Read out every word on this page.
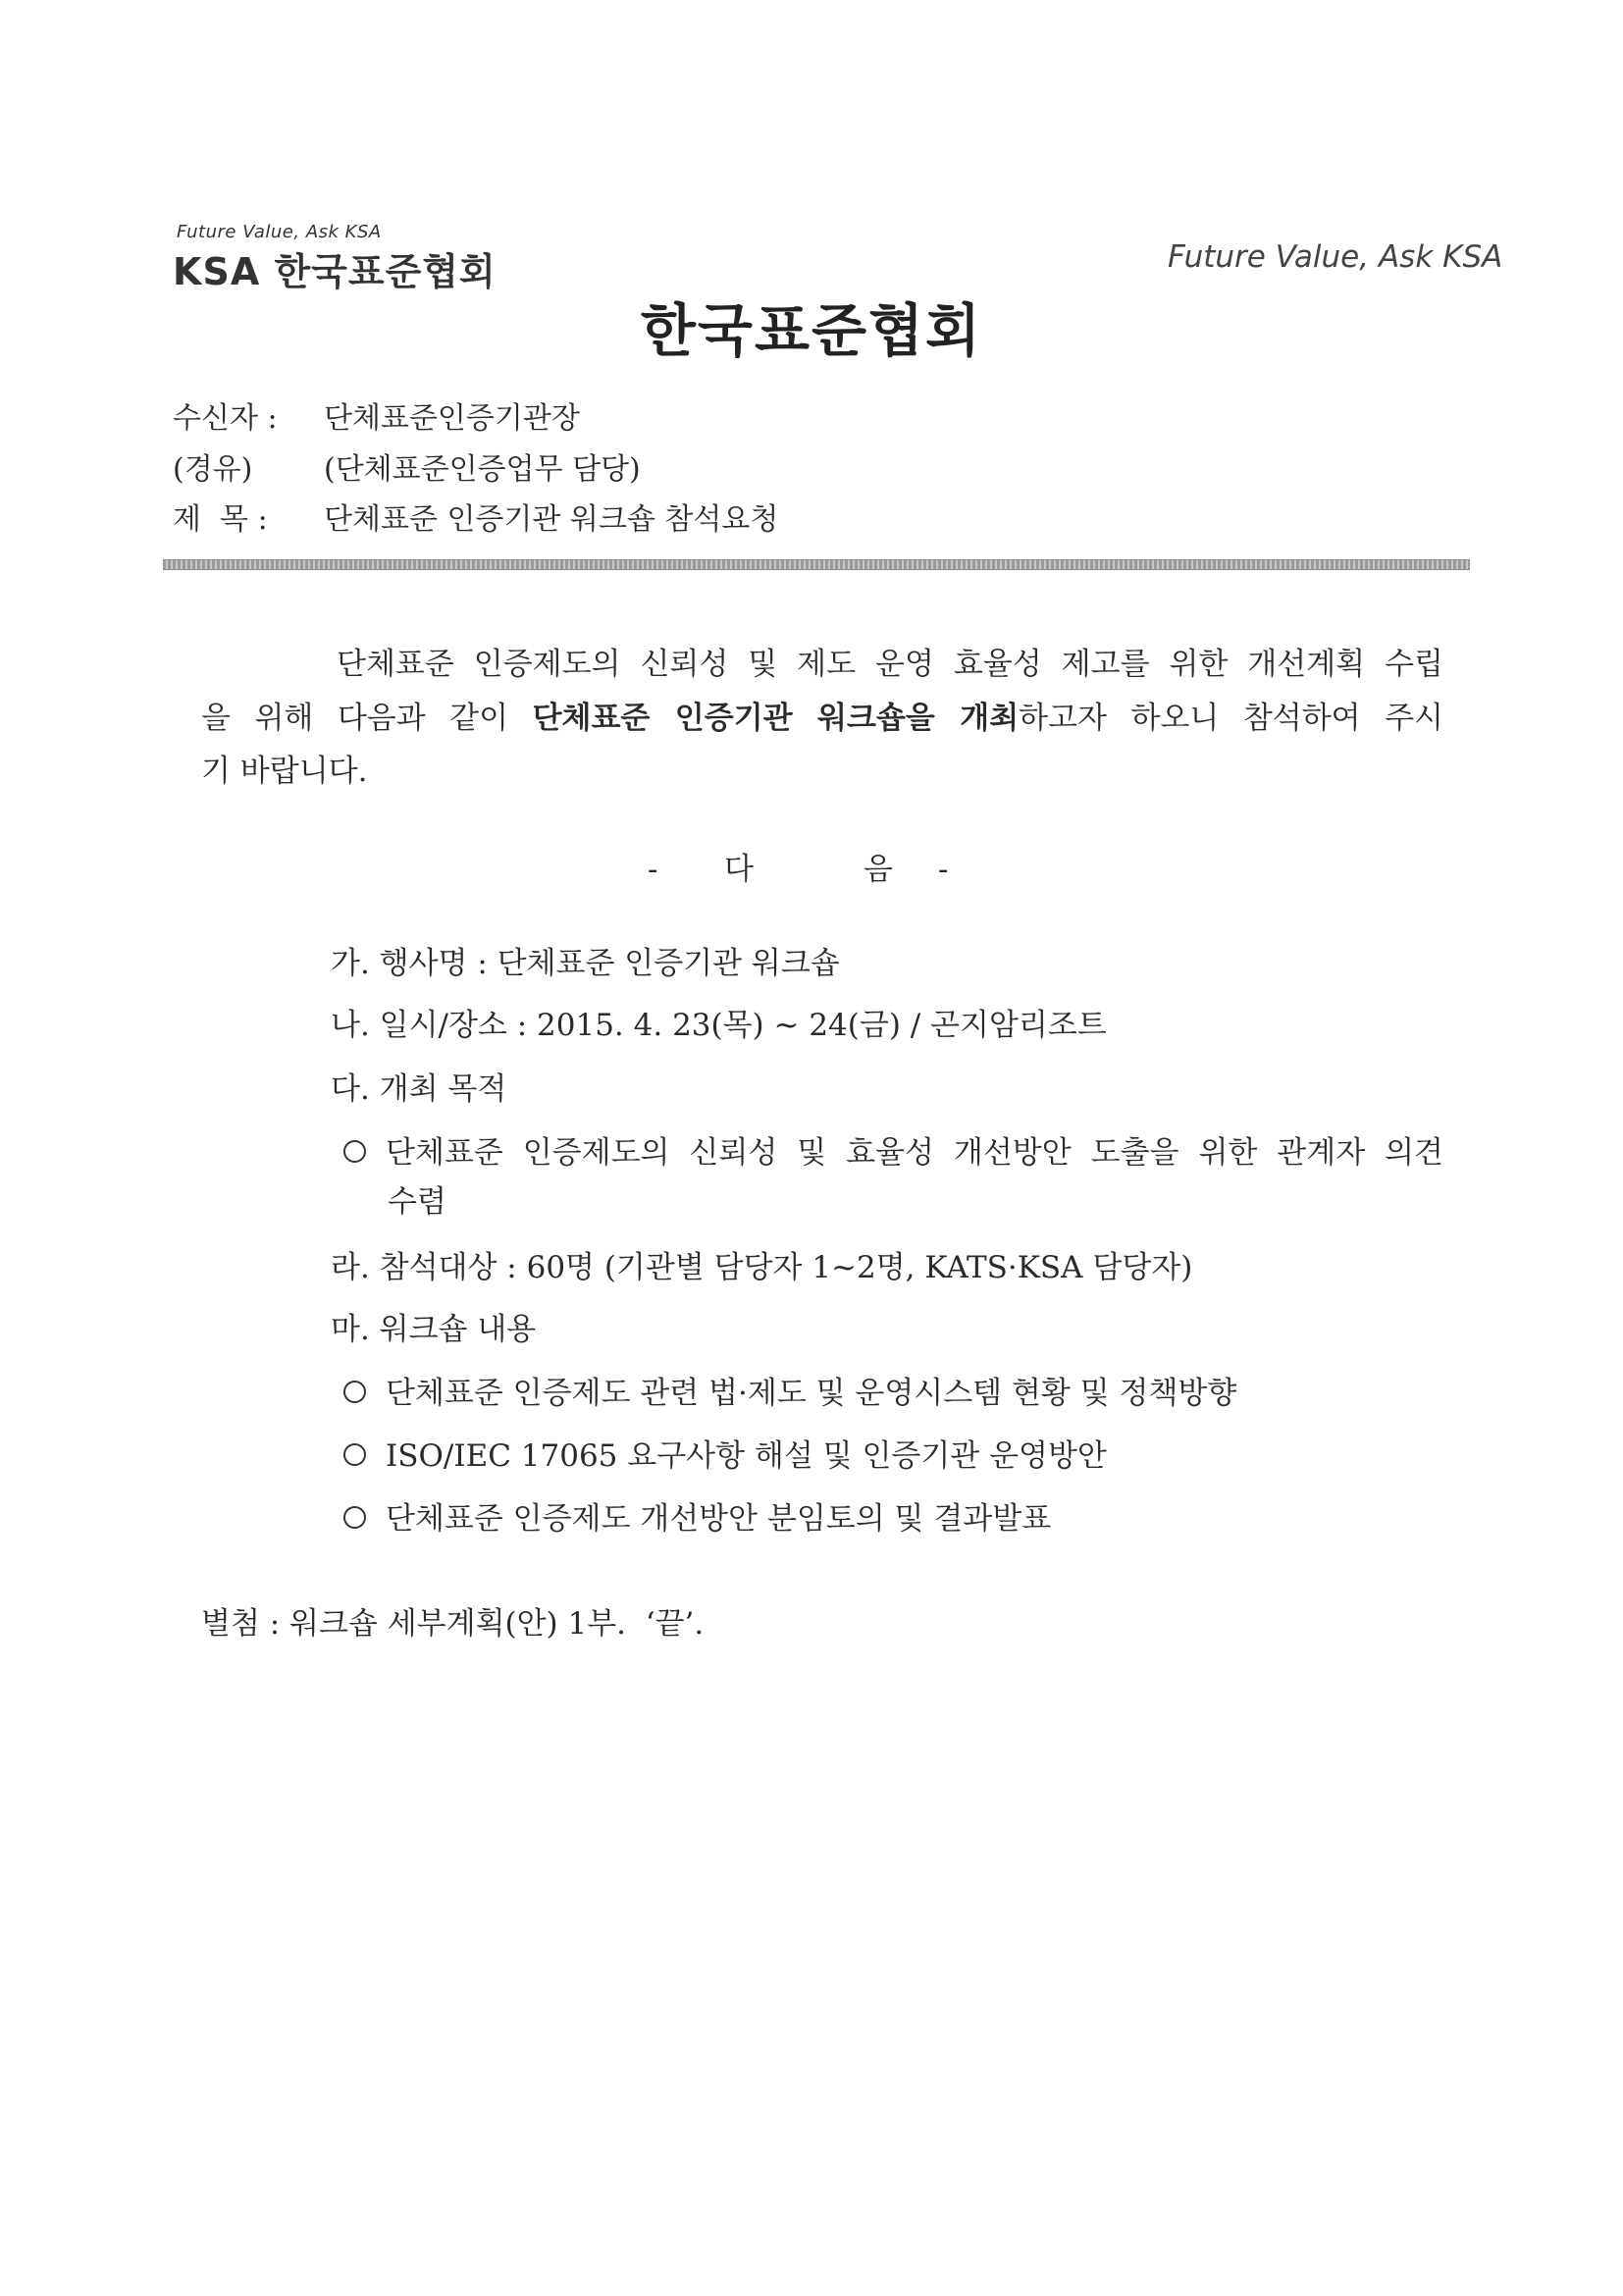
Future Value, Ask KSA
KSA 한국표준협회	Future Value, Ask KSA
한국표준협회
수신자 : 단체표준인증기관장
(경유) (단체표준인증업무 담당)
제  목 : 단체표준 인증기관 워크숍 참석요청
단체표준 인증제도의 신뢰성 및 제도 운영 효율성 제고를 위한 개선계획 수립
을 위해 다음과 같이 단체표준 인증기관 워크숍을 개최하고자 하오니 참석하여 주시
기 바랍니다.
- 다	음 -
가. 행사명 : 단체표준 인증기관 워크숍
나. 일시/장소 : 2015. 4. 23(목) ~ 24(금) / 곤지암리조트
다. 개최 목적
단체표준 인증제도의 신뢰성 및 효율성 개선방안 도출을 위한 관계자 의견
수렴
라. 참석대상 : 60명 (기관별 담당자 1~2명, KATS·KSA 담당자)
마. 워크숍 내용
단체표준 인증제도 관련 법·제도 및 운영시스템 현황 및 정책방향
ISO/IEC 17065 요구사항 해설 및 인증기관 운영방안
단체표준 인증제도 개선방안 분임토의 및 결과발표
별첨 : 워크숍 세부계획(안) 1부.  ‘끝’.
